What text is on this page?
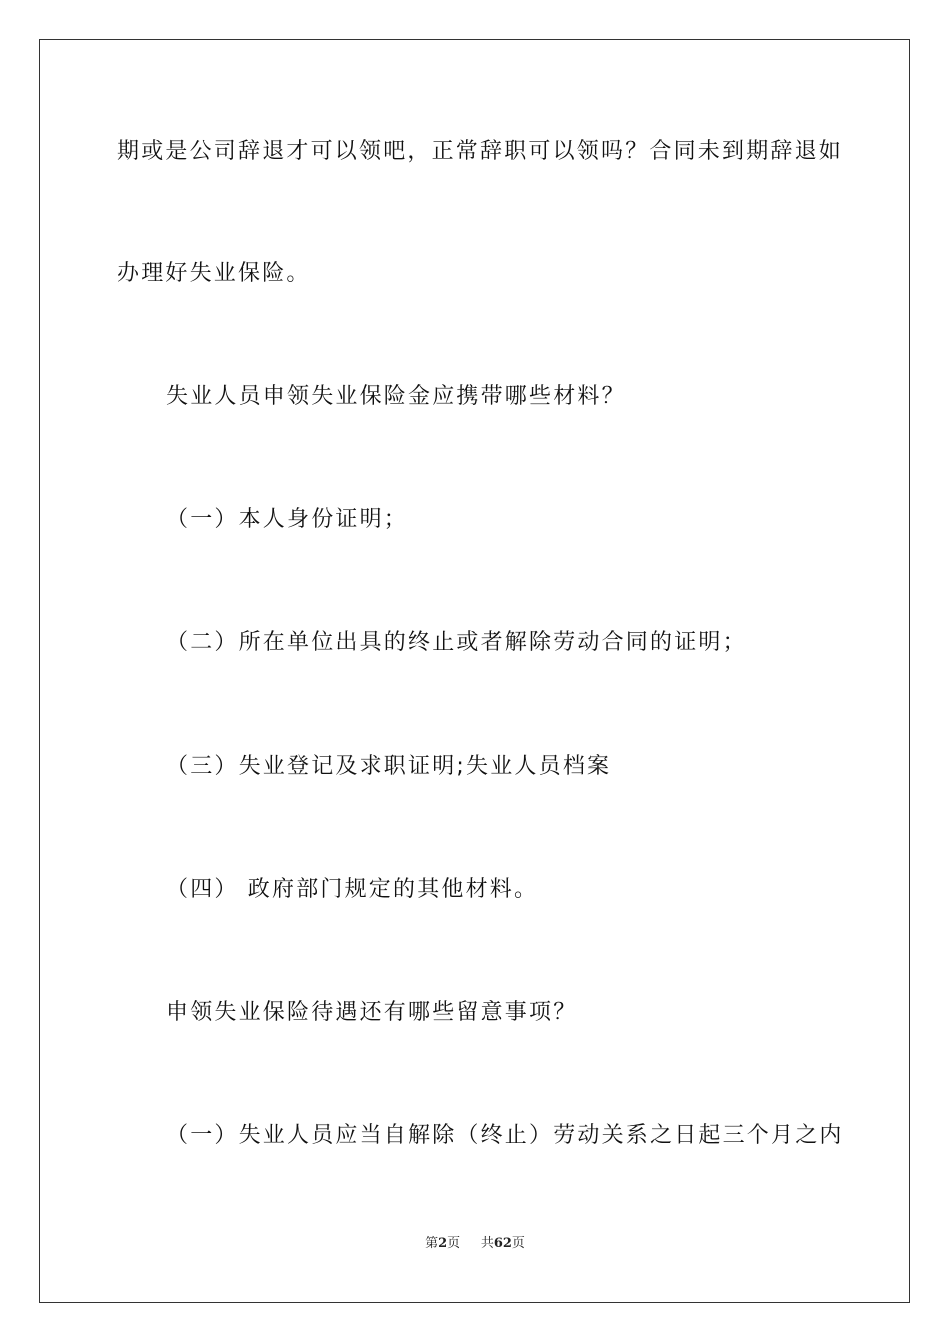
期或是公司辞退才可以领吧，正常辞职可以领吗？合同未到期辞退如
办理好失业保险。
失业人员申领失业保险金应携带哪些材料？
（一）本人身份证明；
（二）所在单位出具的终止或者解除劳动合同的证明；
（三）失业登记及求职证明;失业人员档案
（四） 政府部门规定的其他材料。
申领失业保险待遇还有哪些留意事项？
（一）失业人员应当自解除（终止）劳动关系之日起三个月之内
第2页 共62页
